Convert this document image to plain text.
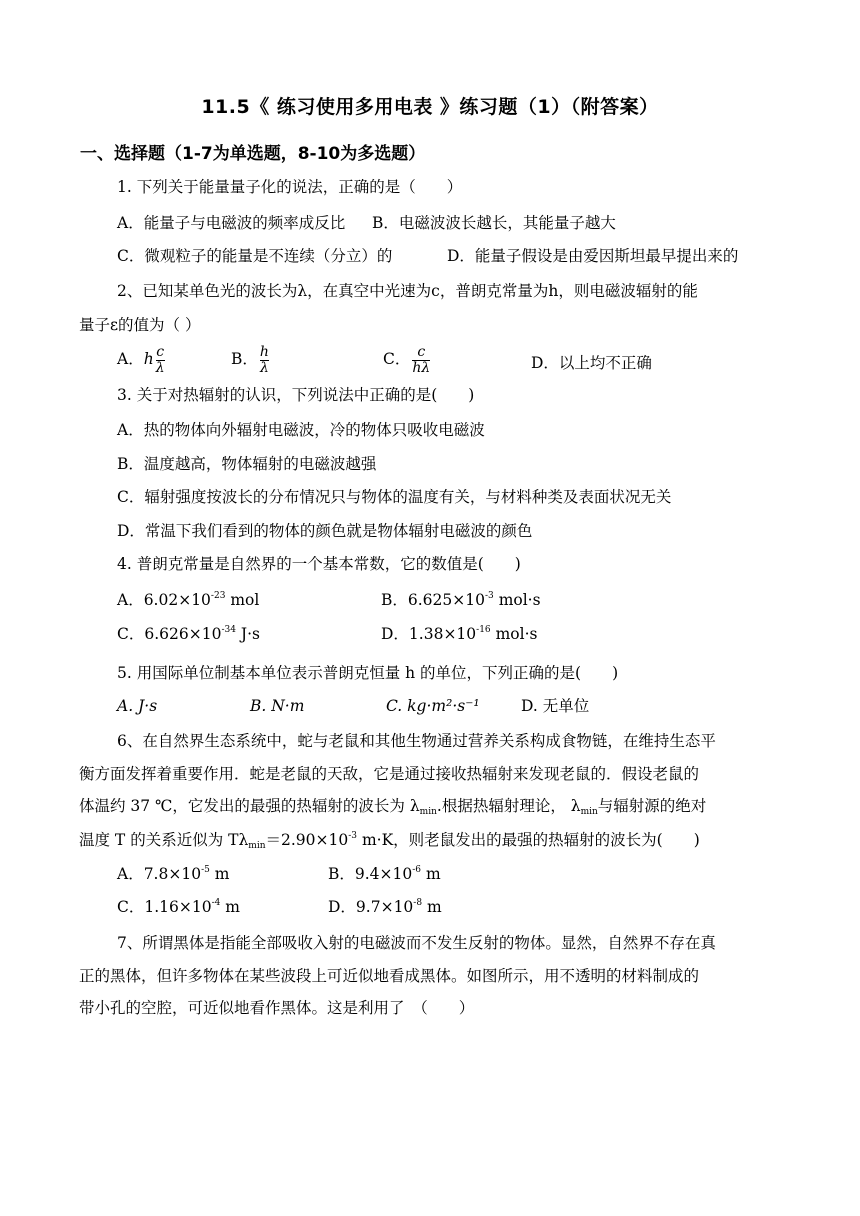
11.5《 练习使用多用电表 》练习题（1）（附答案）
一、选择题（1-7为单选题，8-10为多选题）
1. 下列关于能量量子化的说法，正确的是（　　）
A．能量子与电磁波的频率成反比 B．电磁波波长越长，其能量子越大
C．微观粒子的能量是不连续（分立）的	D．能量子假设是由爱因斯坦最早提出来的
2、已知某单色光的波长为λ，在真空中光速为c，普朗克常量为h，则电磁波辐射的能
量子ε的值为（ ）
A．h $\frac{c}{\lambda}$	B． $\frac{h}{\lambda}$	C． $\frac{c}{h\lambda}$	D．以上均不正确
3. 关于对热辐射的认识，下列说法中正确的是(　　)
A．热的物体向外辐射电磁波，冷的物体只吸收电磁波
B．温度越高，物体辐射的电磁波越强
C．辐射强度按波长的分布情况只与物体的温度有关，与材料种类及表面状况无关
D．常温下我们看到的物体的颜色就是物体辐射电磁波的颜色
4. 普朗克常量是自然界的一个基本常数，它的数值是(　　)
A．$6.02\times 10^{-23}$ mol	B．$6.625\times 10^{-3}$ mol·s
C．$6.626\times 10^{-34}$ J·s	D．$1.38\times 10^{-16}$ mol·s
5. 用国际单位制基本单位表示普朗克恒量 h 的单位，下列正确的是(　　)
A. J·s	B. N·m	C. kg·m²·s⁻¹	D. 无单位
6、在自然界生态系统中，蛇与老鼠和其他生物通过营养关系构成食物链，在维持生态平
衡方面发挥着重要作用．蛇是老鼠的天敌，它是通过接收热辐射来发现老鼠的．假设老鼠的
体温约 37 ℃，它发出的最强的热辐射的波长为 $\lambda_{min}$.根据热辐射理论， $\lambda_{min}$与辐射源的绝对
温度 T 的关系近似为 $T\lambda_{min}=2.90\times 10^{-3}$ m·K，则老鼠发出的最强的热辐射的波长为(　　)
A．$7.8\times 10^{-5}$ m	B．$9.4\times 10^{-6}$ m
C．$1.16\times 10^{-4}$ m	D．$9.7\times 10^{-8}$ m
7、所谓黑体是指能全部吸收入射的电磁波而不发生反射的物体。显然，自然界不存在真
正的黑体，但许多物体在某些波段上可近似地看成黑体。如图所示，用不透明的材料制成的
带小孔的空腔，可近似地看作黑体。这是利用了　（　　）
